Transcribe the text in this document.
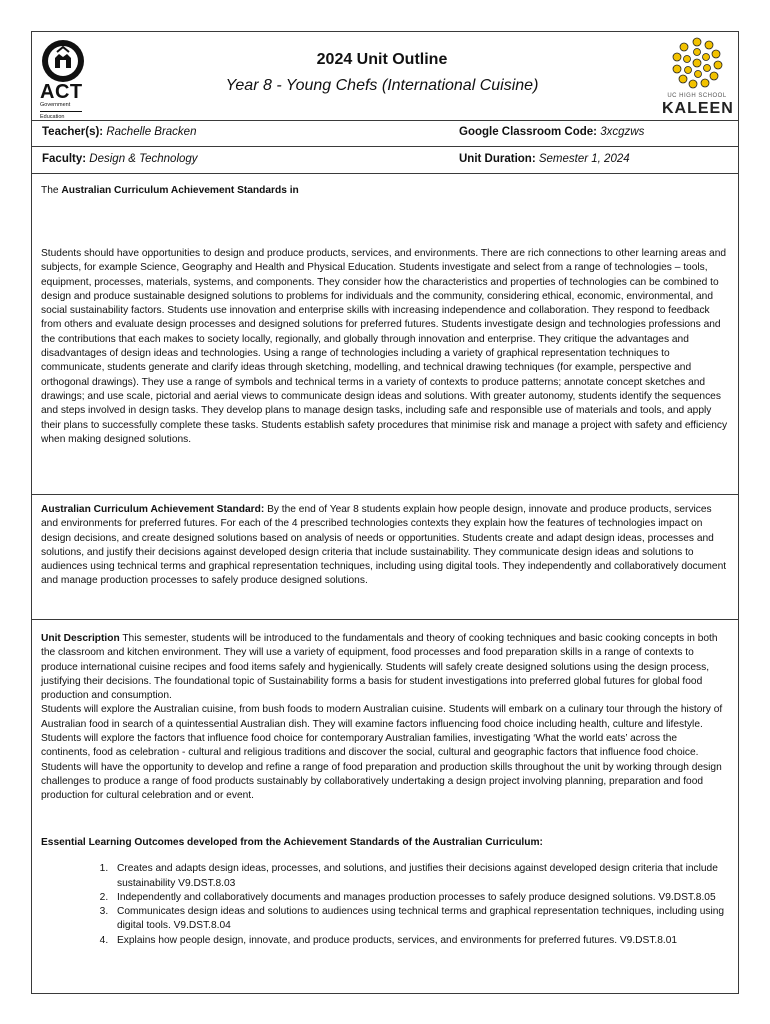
ACT
Government
Education
2024 Unit Outline
Year 8 - Young Chefs (International Cuisine)
UC HIGH SCHOOL
KALEEN
Teacher(s): Rachelle Bracken	Google Classroom Code: 3xcgzws
Faculty: Design & Technology	Unit Duration: Semester 1, 2024
The Australian Curriculum Achievement Standards in
Students should have opportunities to design and produce products, services, and environments. There are rich connections to other learning areas and subjects, for example Science, Geography and Health and Physical Education. Students investigate and select from a range of technologies – tools, equipment, processes, materials, systems, and components. They consider how the characteristics and properties of technologies can be combined to design and produce sustainable designed solutions to problems for individuals and the community, considering ethical, economic, environmental, and social sustainability factors. Students use innovation and enterprise skills with increasing independence and collaboration. They respond to feedback from others and evaluate design processes and designed solutions for preferred futures. Students investigate design and technologies professions and the contributions that each makes to society locally, regionally, and globally through innovation and enterprise. They critique the advantages and disadvantages of design ideas and technologies. Using a range of technologies including a variety of graphical representation techniques to communicate, students generate and clarify ideas through sketching, modelling, and technical drawing techniques (for example, perspective and orthogonal drawings). They use a range of symbols and technical terms in a variety of contexts to produce patterns; annotate concept sketches and drawings; and use scale, pictorial and aerial views to communicate design ideas and solutions. With greater autonomy, students identify the sequences and steps involved in design tasks. They develop plans to manage design tasks, including safe and responsible use of materials and tools, and apply their plans to successfully complete these tasks. Students establish safety procedures that minimise risk and manage a project with safety and efficiency when making designed solutions.
Australian Curriculum Achievement Standard: By the end of Year 8 students explain how people design, innovate and produce products, services and environments for preferred futures. For each of the 4 prescribed technologies contexts they explain how the features of technologies impact on design decisions, and create designed solutions based on analysis of needs or opportunities. Students create and adapt design ideas, processes and solutions, and justify their decisions against developed design criteria that include sustainability. They communicate design ideas and solutions to audiences using technical terms and graphical representation techniques, including using digital tools. They independently and collaboratively document and manage production processes to safely produce designed solutions.
Unit Description This semester, students will be introduced to the fundamentals and theory of cooking techniques and basic cooking concepts in both the classroom and kitchen environment. They will use a variety of equipment, food processes and food preparation skills in a range of contexts to produce international cuisine recipes and food items safely and hygienically. Students will safely create designed solutions using the design process, justifying their decisions. The foundational topic of Sustainability forms a basis for student investigations into preferred global futures for global food production and consumption.
Students will explore the Australian cuisine, from bush foods to modern Australian cuisine. Students will embark on a culinary tour through the history of Australian food in search of a quintessential Australian dish. They will examine factors influencing food choice including health, culture and lifestyle. Students will explore the factors that influence food choice for contemporary Australian families, investigating ‘What the world eats’ across the continents, food as celebration - cultural and religious traditions and discover the social, cultural and geographic factors that influence food choice. Students will have the opportunity to develop and refine a range of food preparation and production skills throughout the unit by working through design challenges to produce a range of food products sustainably by collaboratively undertaking a design project involving planning, preparation and food production for cultural celebration and or event.
Essential Learning Outcomes developed from the Achievement Standards of the Australian Curriculum:
1. Creates and adapts design ideas, processes, and solutions, and justifies their decisions against developed design criteria that include sustainability V9.DST.8.03
2. Independently and collaboratively documents and manages production processes to safely produce designed solutions. V9.DST.8.05
3. Communicates design ideas and solutions to audiences using technical terms and graphical representation techniques, including using digital tools. V9.DST.8.04
4. Explains how people design, innovate, and produce products, services, and environments for preferred futures. V9.DST.8.01
